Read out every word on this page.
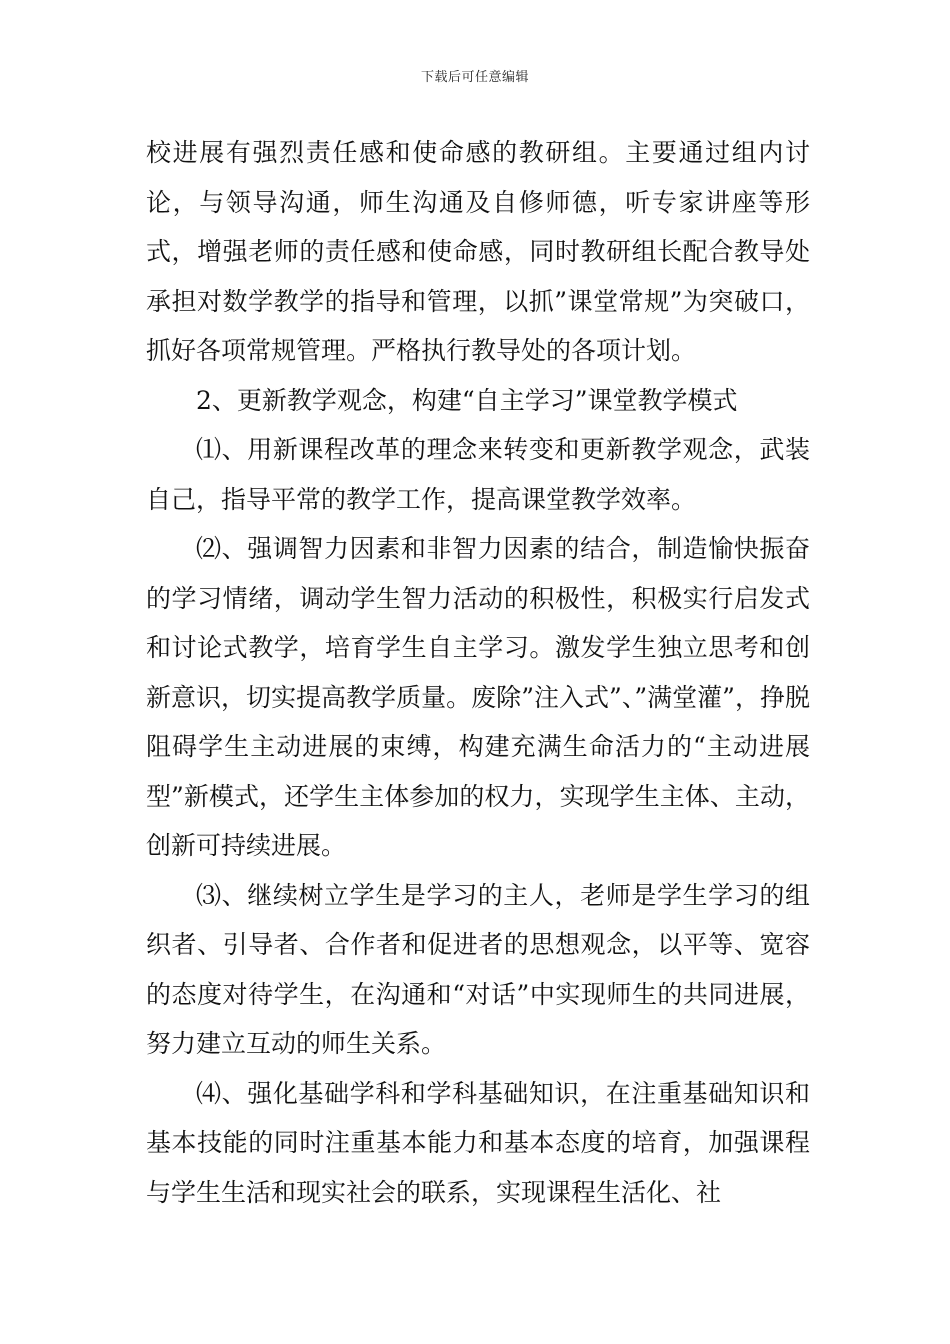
下载后可任意编辑

校进展有强烈责任感和使命感的教研组。主要通过组内讨论，与领导沟通，师生沟通及自修师德，听专家讲座等形式，增强老师的责任感和使命感，同时教研组长配合教导处承担对数学教学的指导和管理，以抓”课堂常规”为突破口，抓好各项常规管理。严格执行教导处的各项计划。

2、更新教学观念，构建“自主学习”课堂教学模式

⑴、用新课程改革的理念来转变和更新教学观念，武装自己，指导平常的教学工作，提高课堂教学效率。

⑵、强调智力因素和非智力因素的结合，制造愉快振奋的学习情绪，调动学生智力活动的积极性，积极实行启发式和讨论式教学，培育学生自主学习。激发学生独立思考和创新意识，切实提高教学质量。废除”注入式”、”满堂灌”，挣脱阻碍学生主动进展的束缚，构建充满生命活力的“主动进展型”新模式，还学生主体参加的权力，实现学生主体、主动，创新可持续进展。

⑶、继续树立学生是学习的主人，老师是学生学习的组织者、引导者、合作者和促进者的思想观念，以平等、宽容的态度对待学生，在沟通和“对话”中实现师生的共同进展，努力建立互动的师生关系。

⑷、强化基础学科和学科基础知识，在注重基础知识和基本技能的同时注重基本能力和基本态度的培育，加强课程与学生生活和现实社会的联系，实现课程生活化、社
